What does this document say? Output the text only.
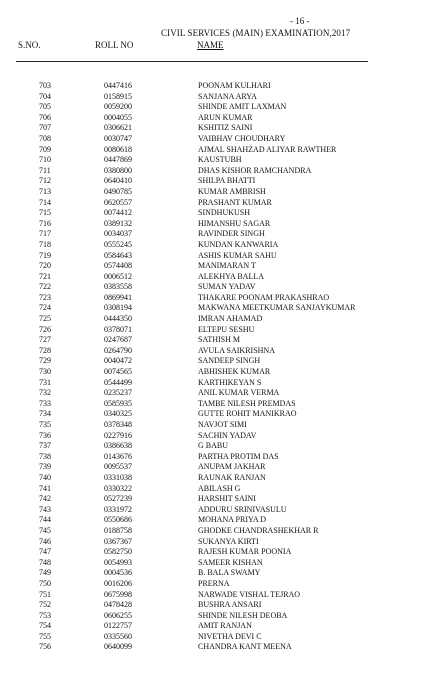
- 16 -
CIVIL SERVICES (MAIN) EXAMINATION,2017
S.NO.	ROLL NO	NAME
703	0447416	POONAM KULHARI
704	0158915	SANJANA ARYA
705	0059200	SHINDE AMIT LAXMAN
706	0004055	ARUN KUMAR
707	0306621	KSHITIZ SAINI
708	0030747	VAIBHAV CHOUDHARY
709	0080618	AJMAL SHAHZAD ALIYAR RAWTHER
710	0447869	KAUSTUBH
711	0380800	DHAS KISHOR RAMCHANDRA
712	0640410	SHILPA BHATTI
713	0490785	KUMAR AMBRISH
714	0620557	PRASHANT KUMAR
715	0074412	SINDHUKUSH
716	0389132	HIMANSHU SAGAR
717	0034037	RAVINDER SINGH
718	0555245	KUNDAN KANWARIA
719	0584643	ASHIS KUMAR SAHU
720	0574408	MANIMARAN T
721	0006512	ALEKHYA BALLA
722	0383558	SUMAN YADAV
723	0869941	THAKARE POONAM PRAKASHRAO
724	0308194	MAKWANA MEETKUMAR SANJAYKUMAR
725	0444350	IMRAN AHAMAD
726	0378071	ELTEPU SESHU
727	0247687	SATHISH M
728	0264790	AVULA SAIKRISHNA
729	0040472	SANDEEP SINGH
730	0074565	ABHISHEK KUMAR
731	0544499	KARTHIKEYAN S
732	0235237	ANIL KUMAR VERMA
733	0585935	TAMBE NILESH PREMDAS
734	0340325	GUTTE ROHIT MANIKRAO
735	0378348	NAVJOT SIMI
736	0227916	SACHIN YADAV
737	0386638	G BABU
738	0143676	PARTHA PROTIM DAS
739	0095537	ANUPAM JAKHAR
740	0331038	RAUNAK RANJAN
741	0330322	ABILASH G
742	0527239	HARSHIT SAINI
743	0331972	ADDURU SRINIVASULU
744	0550686	MOHANA PRIYA D
745	0188758	GHODKE CHANDRASHEKHAR R
746	0367367	SUKANYA KIRTI
747	0582750	RAJESH KUMAR POONIA
748	0054993	SAMEER KISHAN
749	0004536	B. BALA SWAMY
750	0016206	PRERNA
751	0675998	NARWADE VISHAL TEJRAO
752	0478428	BUSHRA ANSARI
753	0606255	SHINDE NILESH DEOBA
754	0122757	AMIT RANJAN
755	0335560	NIVETHA DEVI C
756	0640099	CHANDRA KANT MEENA
